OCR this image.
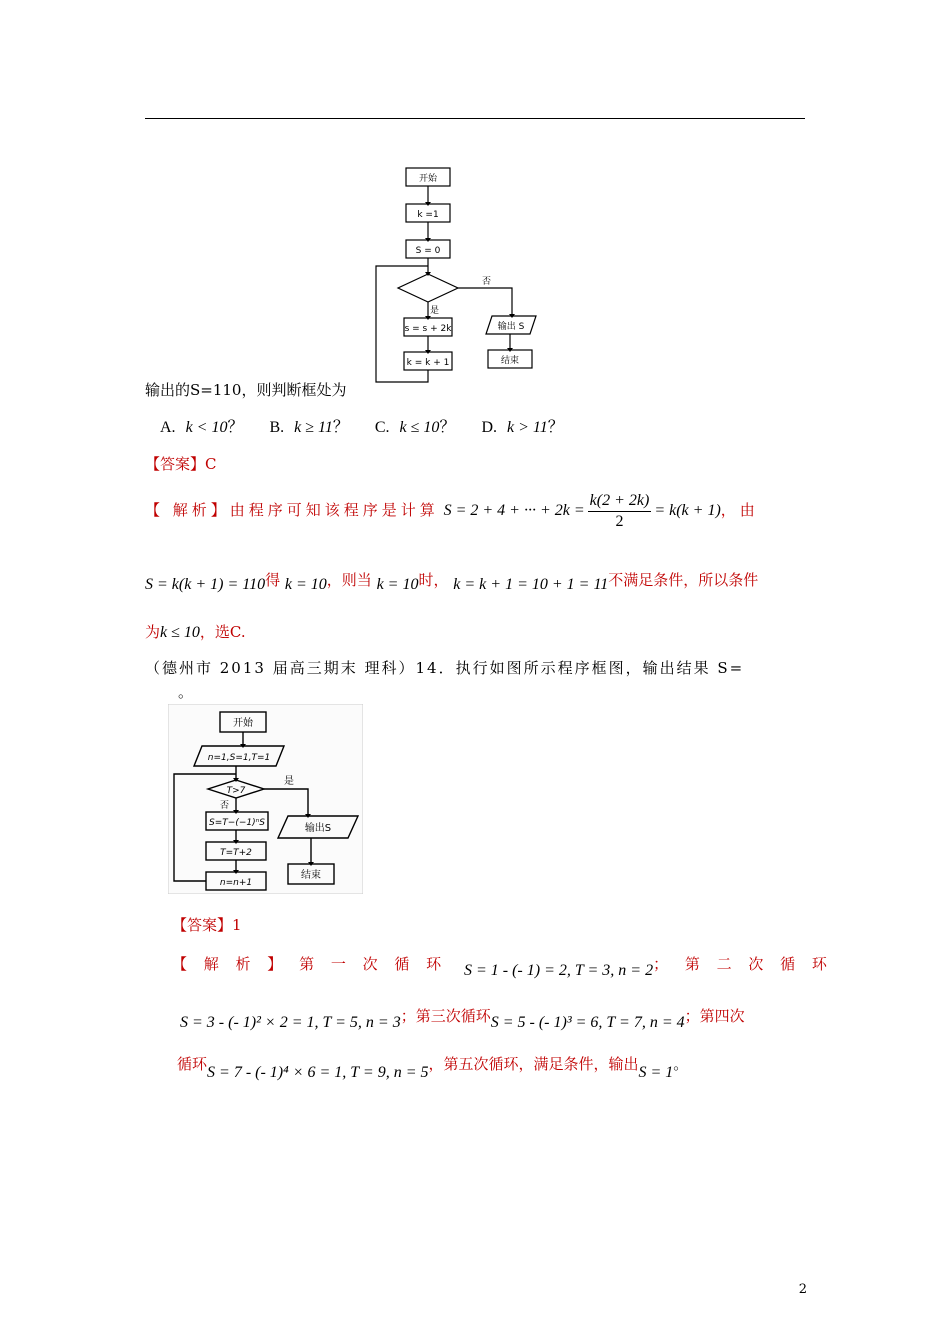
开始
k =1
S = 0
否
是
s = s + 2k
k = k + 1
输出 S
结束
输出的S=110，则判断框处为
A. k < 10？ B. k ≥ 11？ C. k ≤ 10？ D. k > 11？
【答案】C
【 解析】由程序可知该程序是计算 S = 2 + 4 + ··· + $2k = \frac{k(2 + 2k)}{2} = k(k + 1)$，由
S = k(k + 1) = 110得 k = 10，则当 k = 10时， k = k + 1 = 10 + 1 = 11不满足条件，所以条件
为k ≤ 10，选C.
（德州市 2013 届高三期末 理科）14．执行如图所示程序框图，输出结果 S=
。
开始
n=1,S=1,T=1
T>7
是
否
S=T−(−1)ⁿS
T=T+2
n=n+1
输出S
结束
【答案】1
【 解 析 】 第 一 次 循 环 S = 1 - (- 1) = 2, T = 3, n = 2； 第 二 次 循 环
S = 3 - (- 1)² × 2 = 1, T = 5, n = 3；第三次循环S = 5 - (- 1)³ = 6, T = 7, n = 4；第四次
循环S = 7 - (- 1)⁴ × 6 = 1, T = 9, n = 5，第五次循环，满足条件，输出S = 1。
2
